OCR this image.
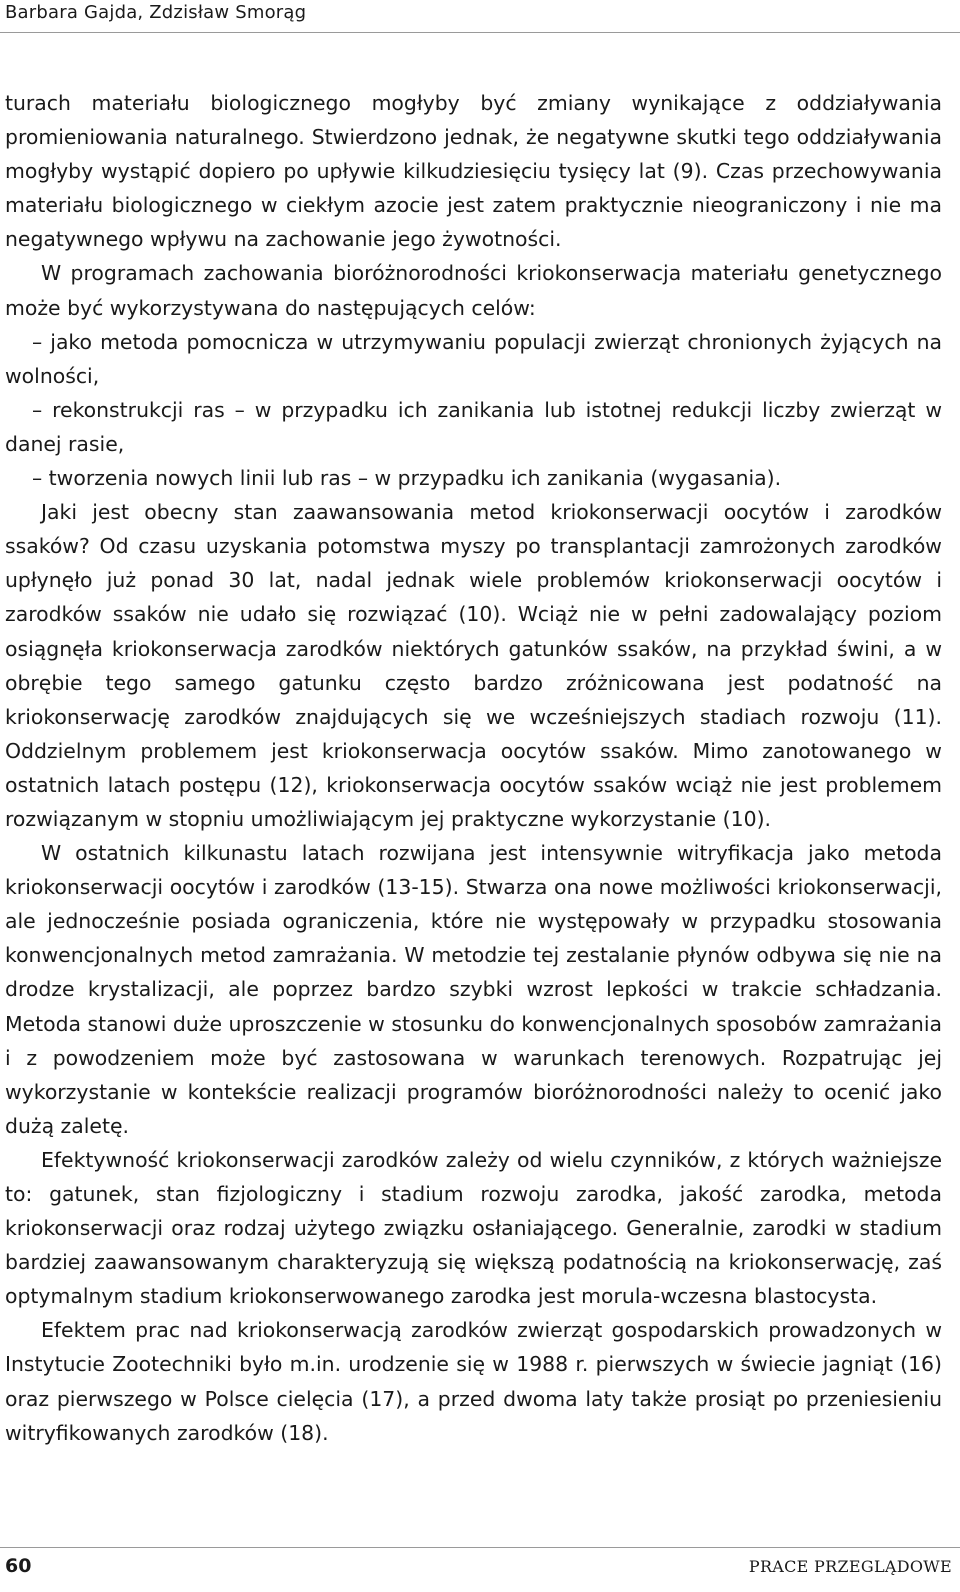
Barbara Gajda, Zdzisław Smorąg

turach materiału biologicznego mogłyby być zmiany wynikające z oddziaływania promieniowania naturalnego. Stwierdzono jednak, że negatywne skutki tego oddziaływania mogłyby wystąpić dopiero po upływie kilkudziesięciu tysięcy lat (9). Czas przechowywania materiału biologicznego w ciekłym azocie jest zatem praktycznie nieograniczony i nie ma negatywnego wpływu na zachowanie jego żywotności.

W programach zachowania bioróżnorodności kriokonserwacja materiału genetycznego może być wykorzystywana do następujących celów:

– jako metoda pomocnicza w utrzymywaniu populacji zwierząt chronionych żyjących na wolności,

– rekonstrukcji ras – w przypadku ich zanikania lub istotnej redukcji liczby zwierząt w danej rasie,

– tworzenia nowych linii lub ras – w przypadku ich zanikania (wygasania).

Jaki jest obecny stan zaawansowania metod kriokonserwacji oocytów i zarodków ssaków? Od czasu uzyskania potomstwa myszy po transplantacji zamrożonych zarodków upłynęło już ponad 30 lat, nadal jednak wiele problemów kriokonserwacji oocytów i zarodków ssaków nie udało się rozwiązać (10). Wciąż nie w pełni zadowalający poziom osiągnęła kriokonserwacja zarodków niektórych gatunków ssaków, na przykład świni, a w obrębie tego samego gatunku często bardzo zróżnicowana jest podatność na kriokonserwację zarodków znajdujących się we wcześniejszych stadiach rozwoju (11). Oddzielnym problemem jest kriokonserwacja oocytów ssaków. Mimo zanotowanego w ostatnich latach postępu (12), kriokonserwacja oocytów ssaków wciąż nie jest problemem rozwiązanym w stopniu umożliwiającym jej praktyczne wykorzystanie (10).

W ostatnich kilkunastu latach rozwijana jest intensywnie witryfikacja jako metoda kriokonserwacji oocytów i zarodków (13-15). Stwarza ona nowe możliwości kriokonserwacji, ale jednocześnie posiada ograniczenia, które nie występowały w przypadku stosowania konwencjonalnych metod zamrażania. W metodzie tej zestalanie płynów odbywa się nie na drodze krystalizacji, ale poprzez bardzo szybki wzrost lepkości w trakcie schładzania. Metoda stanowi duże uproszczenie w stosunku do konwencjonalnych sposobów zamrażania i z powodzeniem może być zastosowana w warunkach terenowych. Rozpatrując jej wykorzystanie w kontekście realizacji programów bioróżnorodności należy to ocenić jako dużą zaletę.

Efektywność kriokonserwacji zarodków zależy od wielu czynników, z których ważniejsze to: gatunek, stan fizjologiczny i stadium rozwoju zarodka, jakość zarodka, metoda kriokonserwacji oraz rodzaj użytego związku osłaniającego. Generalnie, zarodki w stadium bardziej zaawansowanym charakteryzują się większą podatnością na kriokonserwację, zaś optymalnym stadium kriokonserwowanego zarodka jest morula-wczesna blastocysta.

Efektem prac nad kriokonserwacją zarodków zwierząt gospodarskich prowadzonych w Instytucie Zootechniki było m.in. urodzenie się w 1988 r. pierwszych w świecie jagniąt (16) oraz pierwszego w Polsce cielęcia (17), a przed dwoma laty także prosiąt po przeniesieniu witryfikowanych zarodków (18).

60	PRACE PRZEGLĄDOWE
